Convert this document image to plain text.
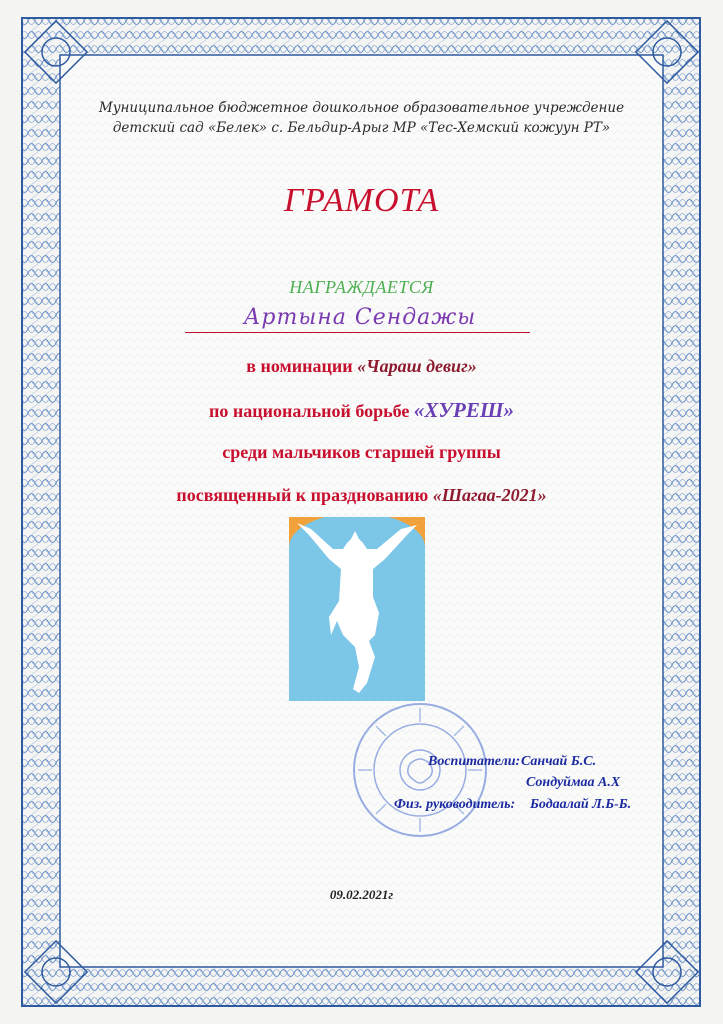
Муниципальное бюджетное дошкольное образовательное учреждение

детский сад «Белек» с. Бельдир-Арыг МР «Тес-Хемский кожуун РТ»

ГРАМОТА

НАГРАЖДАЕТСЯ

Артына Сендажы

в номинации «Чараш девиг»

по национальной борьбе «ХУРЕШ»

среди мальчиков старшей группы

посвященный к празднованию «Шагаа-2021»

Воспитатели: Санчай Б.С.

Сондуймаа А.Х

Физ. руководитель: Бодаалай Л.Б-Б.

09.02.2021г
